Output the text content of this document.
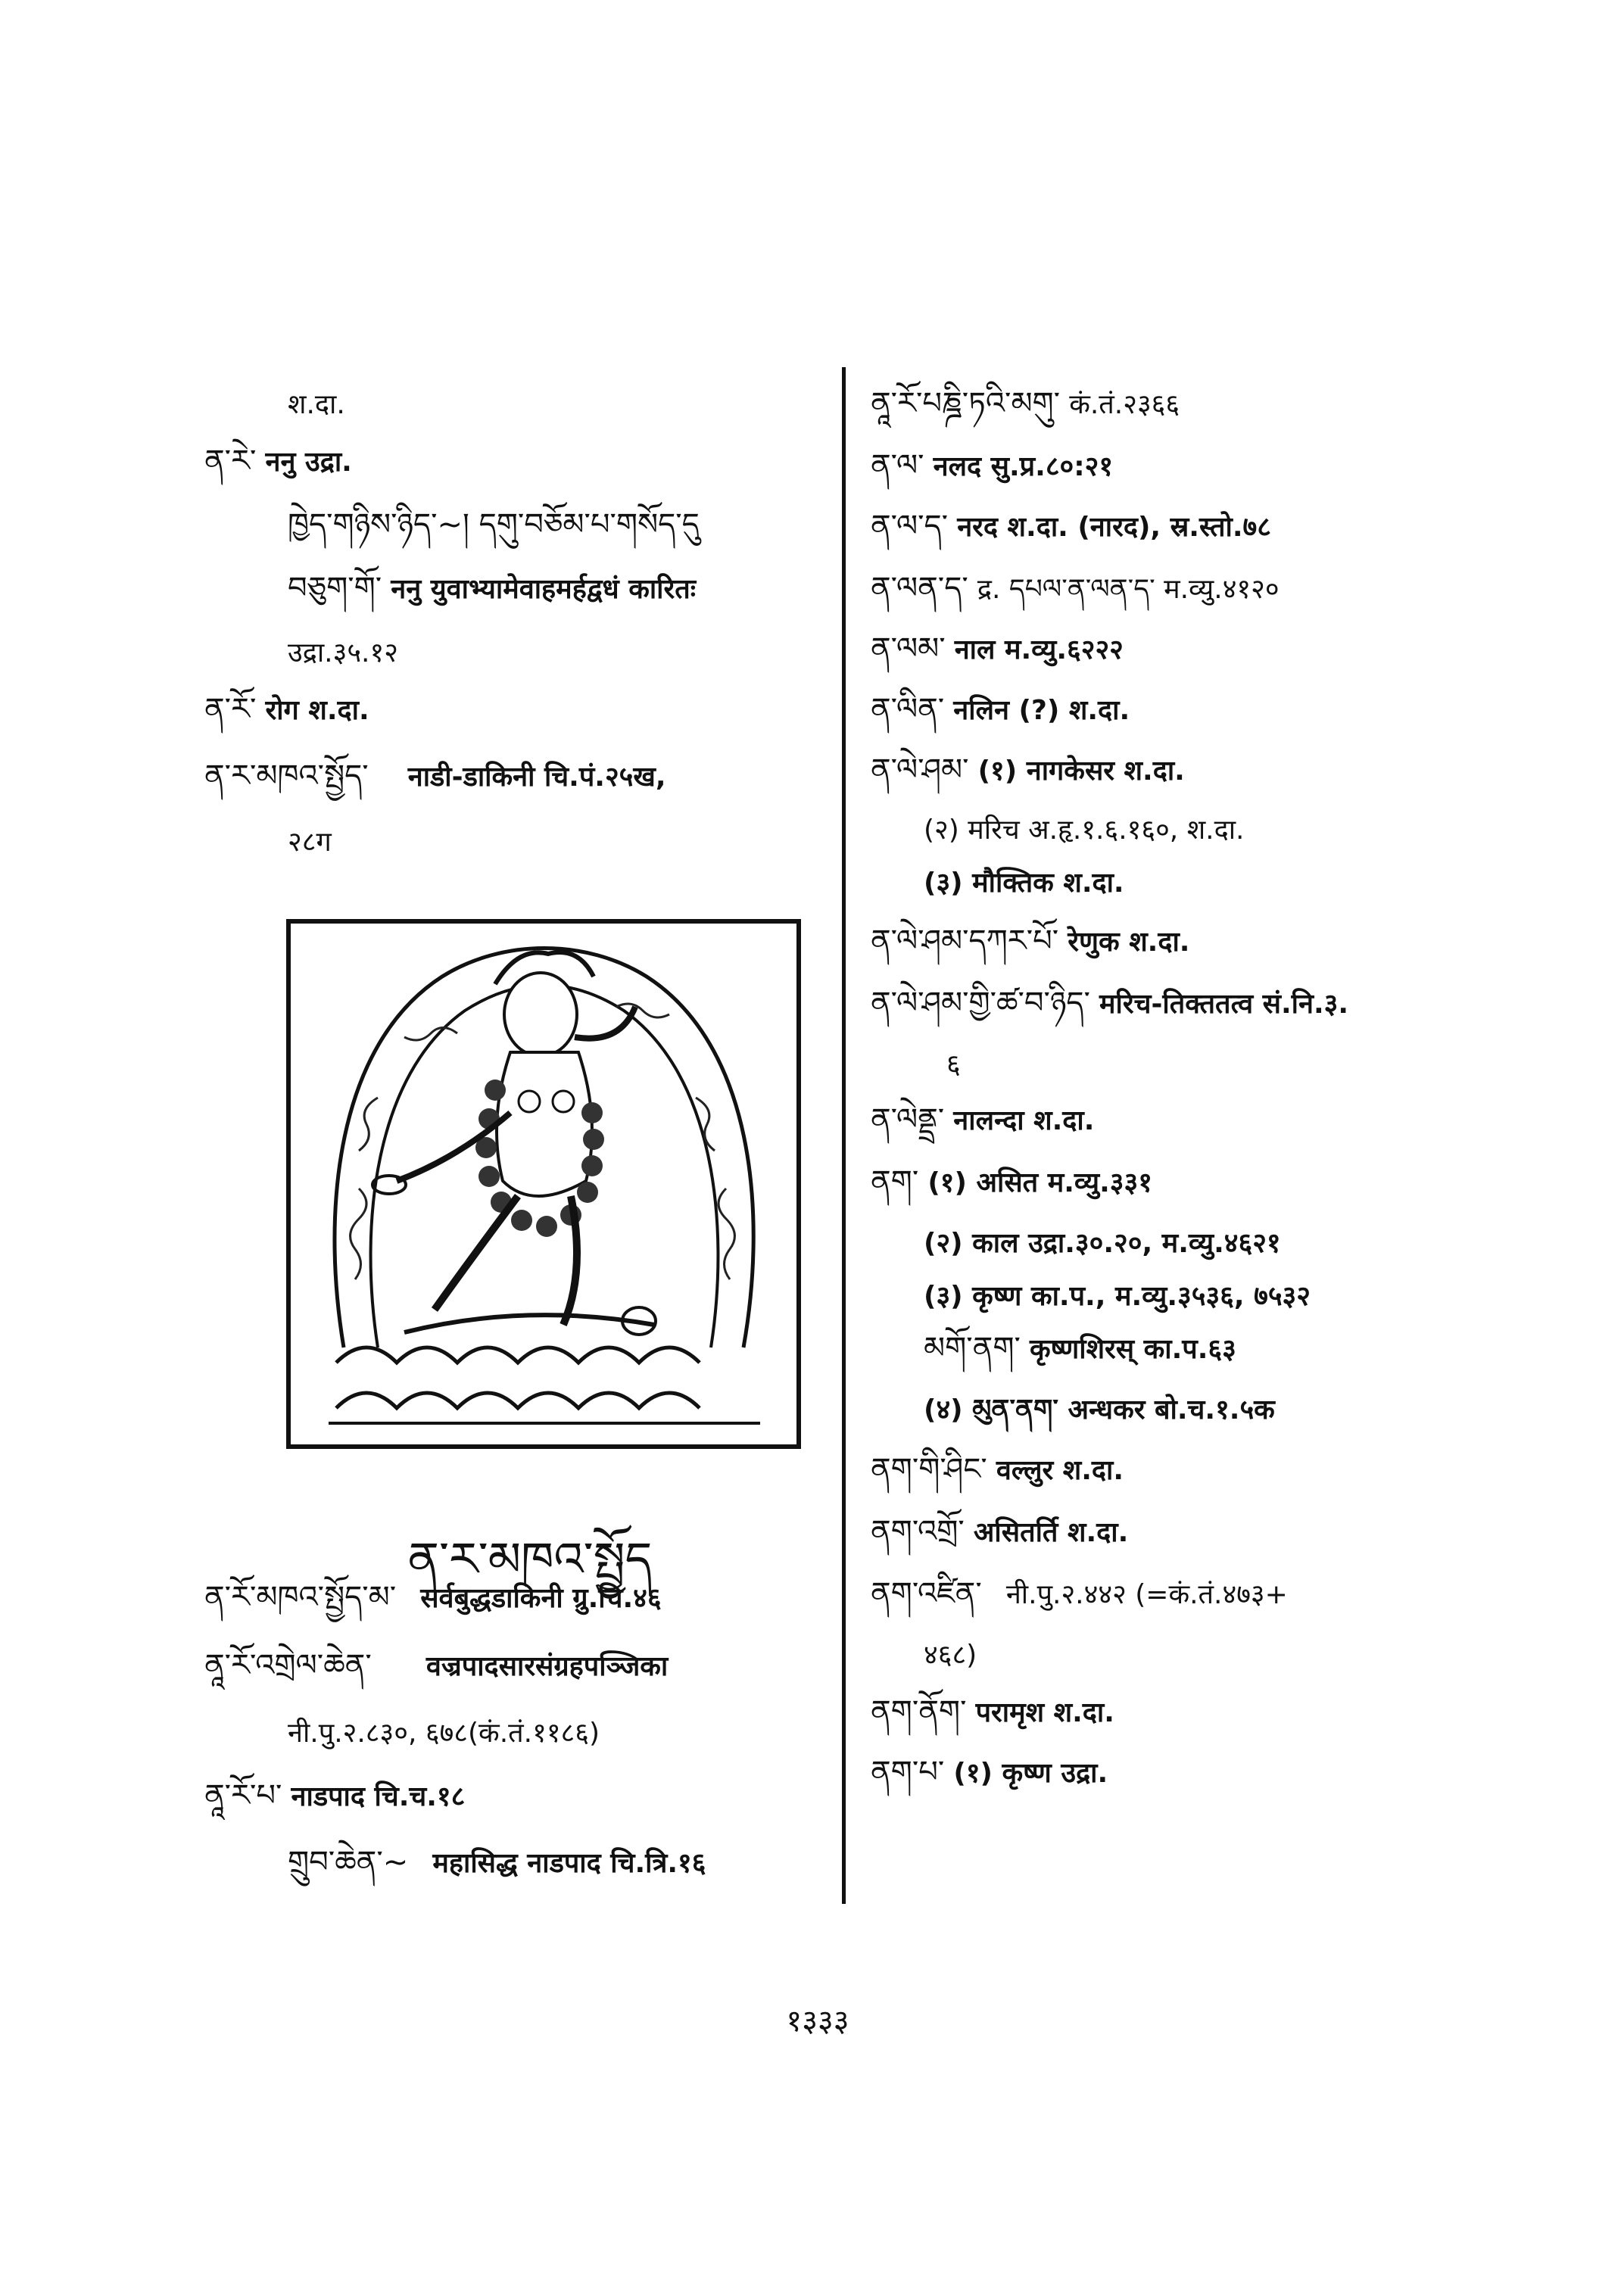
श.दा.
ན་རེ་ ननु उद्रा.
ཁྱེད་གཉིས་ཉིད་~། དགུ་བཅོམ་པ་གསོད་དུ
བཅུག་གོ་ ननु युवाभ्यामेवाहमर्हद्वधं कारितः
उद्रा.३५.१२
ན་རོ་ रोग श.दा.
ན་ར་མཁའ་སྤྱོད་ नाडी-डाकिनी चि.पं.२५ख,
२८ग
ན་ར་མཁའ་སྤྱོད
ན་རོ་མཁའ་སྤྱོད་མ་ सर्वबुद्धडाकिनी ग्रु.चि.४६
ནཱ་རོ་འགྲེལ་ཆེན་ वज्रपादसारसंग्रहपञ्जिका
नी.पु.२.८३०, ६७८(कं.तं.११८६)
ནཱ་རོ་པ་ नाडपाद चि.च.१८
གྲུབ་ཆེན་~ महासिद्ध नाडपाद चि.त्रि.१६
ནཱ་རོ་པཎྜི་ཏའི་མགུ་ कं.तं.२३६६
ན་ལ་ नलद सु.प्र.८०:२१
ན་ལ་ད་ नरद श.दा. (नारद), स्र.स्तो.७८
ན་ལན་ད་ द्र. དཔལ་ན་ལན་ད་ म.व्यु.४१२०
ན་ལམ་ नाल म.व्यु.६२२२
ན་ལིན་ नलिन (?) श.दा.
ན་ལེ་ཤམ་ (१) नागकेसर श.दा.
(२) मरिच अ.हृ.१.६.१६०, श.दा.
(३) मौक्तिक श.दा.
ན་ལེ་ཤམ་དཀར་པོ་ रेणुक श.दा.
ན་ལེ་ཤམ་གྱི་ཚ་བ་ཉིད་ मरिच-तिक्ततत्व सं.नि.३.
६
ན་ལེནྡྲ་ नालन्दा श.दा.
ནག་ (१) असित म.व्यु.३३१
(२) काल उद्रा.३०.२०, म.व्यु.४६२१
(३) कृष्ण का.प., म.व्यु.३५३६, ७५३२
མགོ་ནག་ कृष्णशिरस् का.प.६३
(४) མུན་ནག་ अन्धकर बो.च.१.५क
ནག་གི་ཤིང་ वल्लुर श.दा.
ནག་འགྲོ་ असितर्ति श.दा.
ནག་འཛིན་ नी.पु.२.४४२ (=कं.तं.४७३+
४६८)
ནག་ནོག་ परामृश श.दा.
ནག་པ་ (१) कृष्ण उद्रा.
१३३३
